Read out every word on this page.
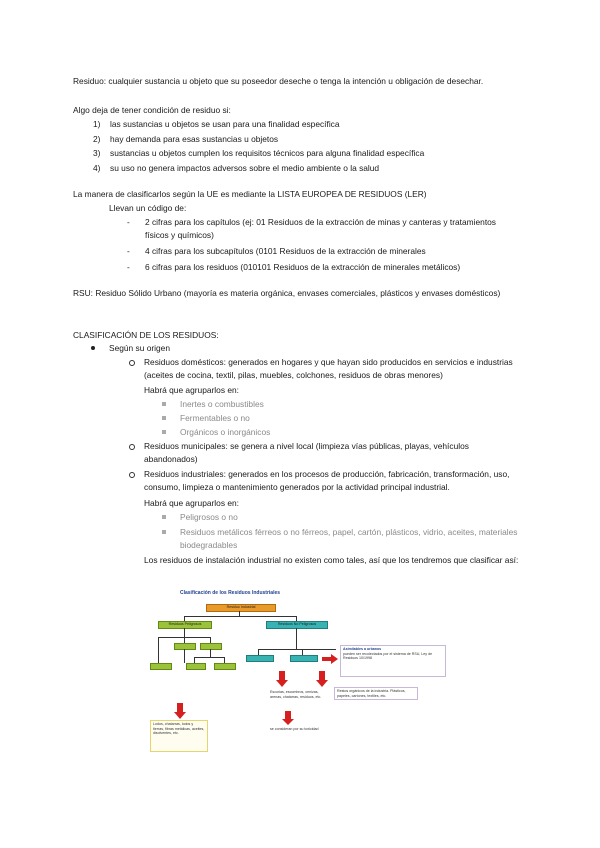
Residuo: cualquier sustancia u objeto que su poseedor deseche o tenga la intención u obligación de desechar.
Algo deja de tener condición de residuo si:
1) las sustancias u objetos se usan para una finalidad específica
2) hay demanda para esas sustancias u objetos
3) sustancias u objetos cumplen los requisitos técnicos para alguna finalidad específica
4) su uso no genera impactos adversos sobre el medio ambiente o la salud
La manera de clasificarlos según la UE es mediante la LISTA EUROPEA DE RESIDUOS (LER)
Llevan un código de:
- 2 cifras para los capítulos (ej: 01 Residuos de la extracción de minas y canteras y tratamientos físicos y químicos)
- 4 cifras para los subcapítulos (0101 Residuos de la extracción de minerales
- 6 cifras para los residuos (010101 Residuos de la extracción de minerales metálicos)
RSU: Residuo Sólido Urbano (mayoría es materia orgánica, envases comerciales, plásticos y envases domésticos)
CLASIFICACIÓN DE LOS RESIDUOS:
Según su origen
Residuos domésticos: generados en hogares y que hayan sido producidos en servicios e industrias (aceites de cocina, textil, pilas, muebles, colchones, residuos de obras menores)
Habrá que agruparlos en:
Inertes o combustibles
Fermentables o no
Orgánicos o inorgánicos
Residuos municipales: se genera a nivel local (limpieza vías públicas, playas, vehículos abandonados)
Residuos industriales: generados en los procesos de producción, fabricación, transformación, uso, consumo, limpieza o mantenimiento generados por la actividad principal industrial.
Habrá que agruparlos en:
Peligrosos o no
Residuos metálicos férreos o no férreos, papel, cartón, plásticos, vidrio, aceites, materiales biodegradables
Los residuos de instalación industrial no existen como tales, así que los tendremos que clasificar así:
Clasificación de los Residuos Industriales
Residuo Industrial
Residuos Peligrosos	Residuos No Peligrosos
Asimilables a urbanos
pueden ser recolectados por el sistema de RSU, Ley de Residuos 10/1998
Escorias, escombros, cenizas, arenas, chatarras, residuos, etc.
Restos orgánicos de la industria. Plásticos, papeles, cartones, textiles, etc.
Lodos, chatarras, lodos y tierras, fibras metálicas, aceites, disolventes, etc.
se consideran por su toxicidad
